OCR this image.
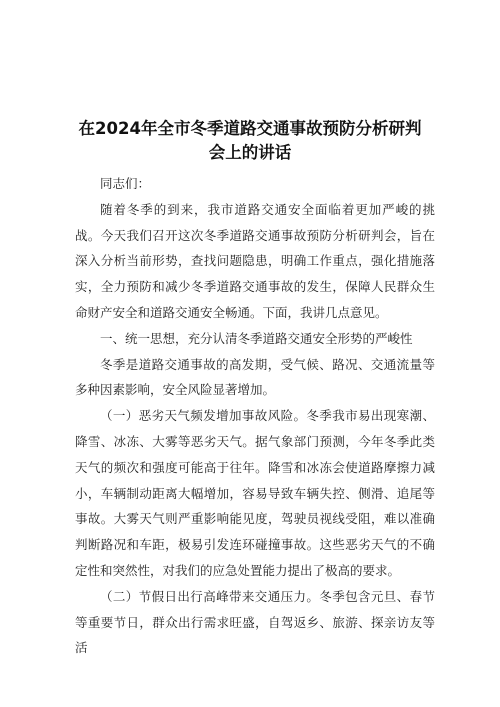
在2024年全市冬季道路交通事故预防分析研判
会上的讲话

同志们：

随着冬季的到来，我市道路交通安全面临着更加严峻的挑战。今天我们召开这次冬季道路交通事故预防分析研判会，旨在深入分析当前形势，查找问题隐患，明确工作重点，强化措施落实，全力预防和减少冬季道路交通事故的发生，保障人民群众生命财产安全和道路交通安全畅通。下面，我讲几点意见。

一、统一思想，充分认清冬季道路交通安全形势的严峻性

冬季是道路交通事故的高发期，受气候、路况、交通流量等多种因素影响，安全风险显著增加。

（一）恶劣天气频发增加事故风险。冬季我市易出现寒潮、降雪、冰冻、大雾等恶劣天气。据气象部门预测，今年冬季此类天气的频次和强度可能高于往年。降雪和冰冻会使道路摩擦力减小，车辆制动距离大幅增加，容易导致车辆失控、侧滑、追尾等事故。大雾天气则严重影响能见度，驾驶员视线受阻，难以准确判断路况和车距，极易引发连环碰撞事故。这些恶劣天气的不确定性和突然性，对我们的应急处置能力提出了极高的要求。

（二）节假日出行高峰带来交通压力。冬季包含元旦、春节等重要节日，群众出行需求旺盛，自驾返乡、旅游、探亲访友等活
